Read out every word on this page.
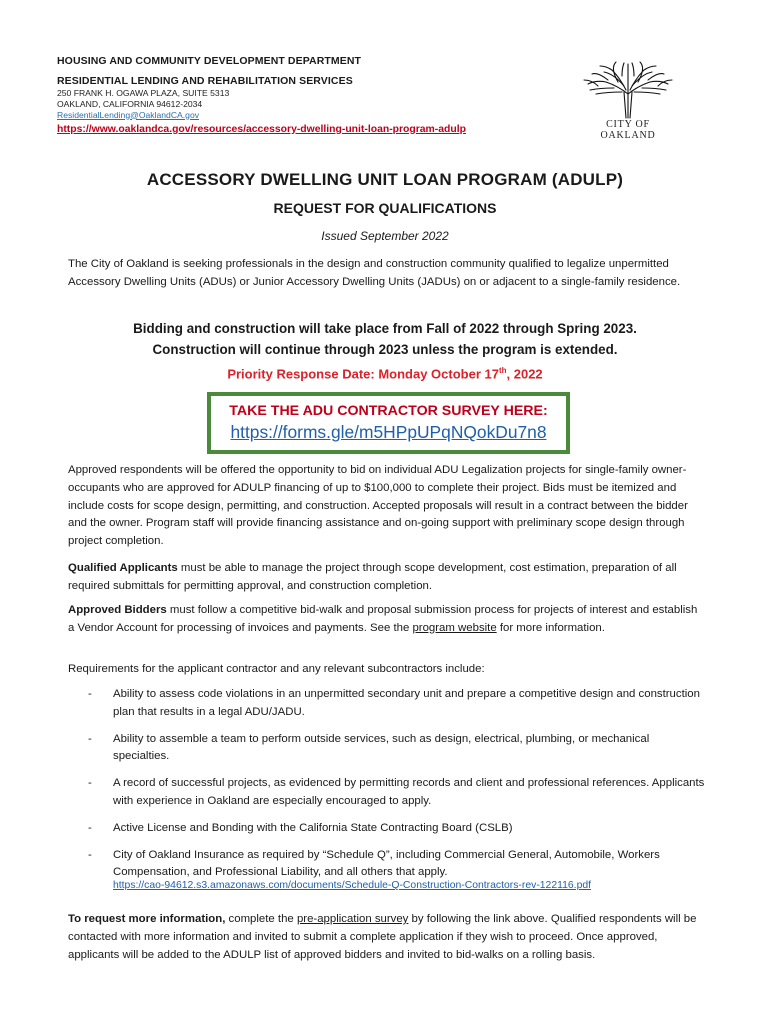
HOUSING AND COMMUNITY DEVELOPMENT DEPARTMENT
RESIDENTIAL LENDING AND REHABILITATION SERVICES
250 FRANK H. OGAWA PLAZA, SUITE 5313
OAKLAND, CALIFORNIA 94612-2034
ResidentialLending@OaklandCA.gov
https://www.oaklandca.gov/resources/accessory-dwelling-unit-loan-program-adulp	CITY OF OAKLAND
ACCESSORY DWELLING UNIT LOAN PROGRAM (ADULP)
REQUEST FOR QUALIFICATIONS
Issued September 2022
The City of Oakland is seeking professionals in the design and construction community qualified to legalize unpermitted Accessory Dwelling Units (ADUs) or Junior Accessory Dwelling Units (JADUs) on or adjacent to a single-family residence.
Bidding and construction will take place from Fall of 2022 through Spring 2023.
Construction will continue through 2023 unless the program is extended.
Priority Response Date: Monday October 17th, 2022
TAKE THE ADU CONTRACTOR SURVEY HERE:
https://forms.gle/m5HPpUPqNQokDu7n8
Approved respondents will be offered the opportunity to bid on individual ADU Legalization projects for single-family owner-occupants who are approved for ADULP financing of up to $100,000 to complete their project. Bids must be itemized and include costs for scope design, permitting, and construction. Accepted proposals will result in a contract between the bidder and the owner. Program staff will provide financing assistance and on-going support with preliminary scope design through project completion.
Qualified Applicants must be able to manage the project through scope development, cost estimation, preparation of all required submittals for permitting approval, and construction completion.
Approved Bidders must follow a competitive bid-walk and proposal submission process for projects of interest and establish a Vendor Account for processing of invoices and payments. See the program website for more information.
Requirements for the applicant contractor and any relevant subcontractors include:
- Ability to assess code violations in an unpermitted secondary unit and prepare a competitive design and construction plan that results in a legal ADU/JADU.
- Ability to assemble a team to perform outside services, such as design, electrical, plumbing, or mechanical specialties.
- A record of successful projects, as evidenced by permitting records and client and professional references. Applicants with experience in Oakland are especially encouraged to apply.
- Active License and Bonding with the California State Contracting Board (CSLB)
- City of Oakland Insurance as required by “Schedule Q”, including Commercial General, Automobile, Workers Compensation, and Professional Liability, and all others that apply.
https://cao-94612.s3.amazonaws.com/documents/Schedule-Q-Construction-Contractors-rev-122116.pdf
To request more information, complete the pre-application survey by following the link above. Qualified respondents will be contacted with more information and invited to submit a complete application if they wish to proceed. Once approved, applicants will be added to the ADULP list of approved bidders and invited to bid-walks on a rolling basis.
